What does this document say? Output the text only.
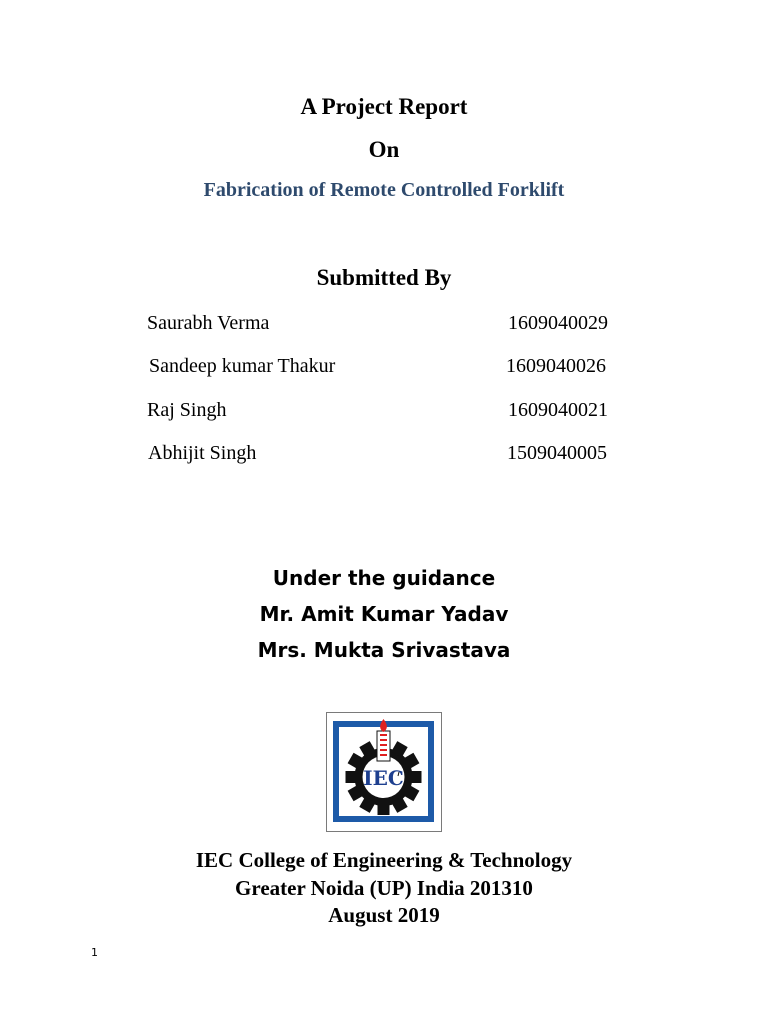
A Project Report
On
Fabrication of Remote Controlled Forklift
Submitted By
Saurabh Verma	1609040029
Sandeep kumar Thakur	1609040026
Raj Singh	1609040021
Abhijit Singh	1509040005
Under the guidance
Mr. Amit Kumar Yadav
Mrs. Mukta Srivastava
IEC
IEC College of Engineering & Technology
Greater Noida (UP) India 201310
August 2019
1
